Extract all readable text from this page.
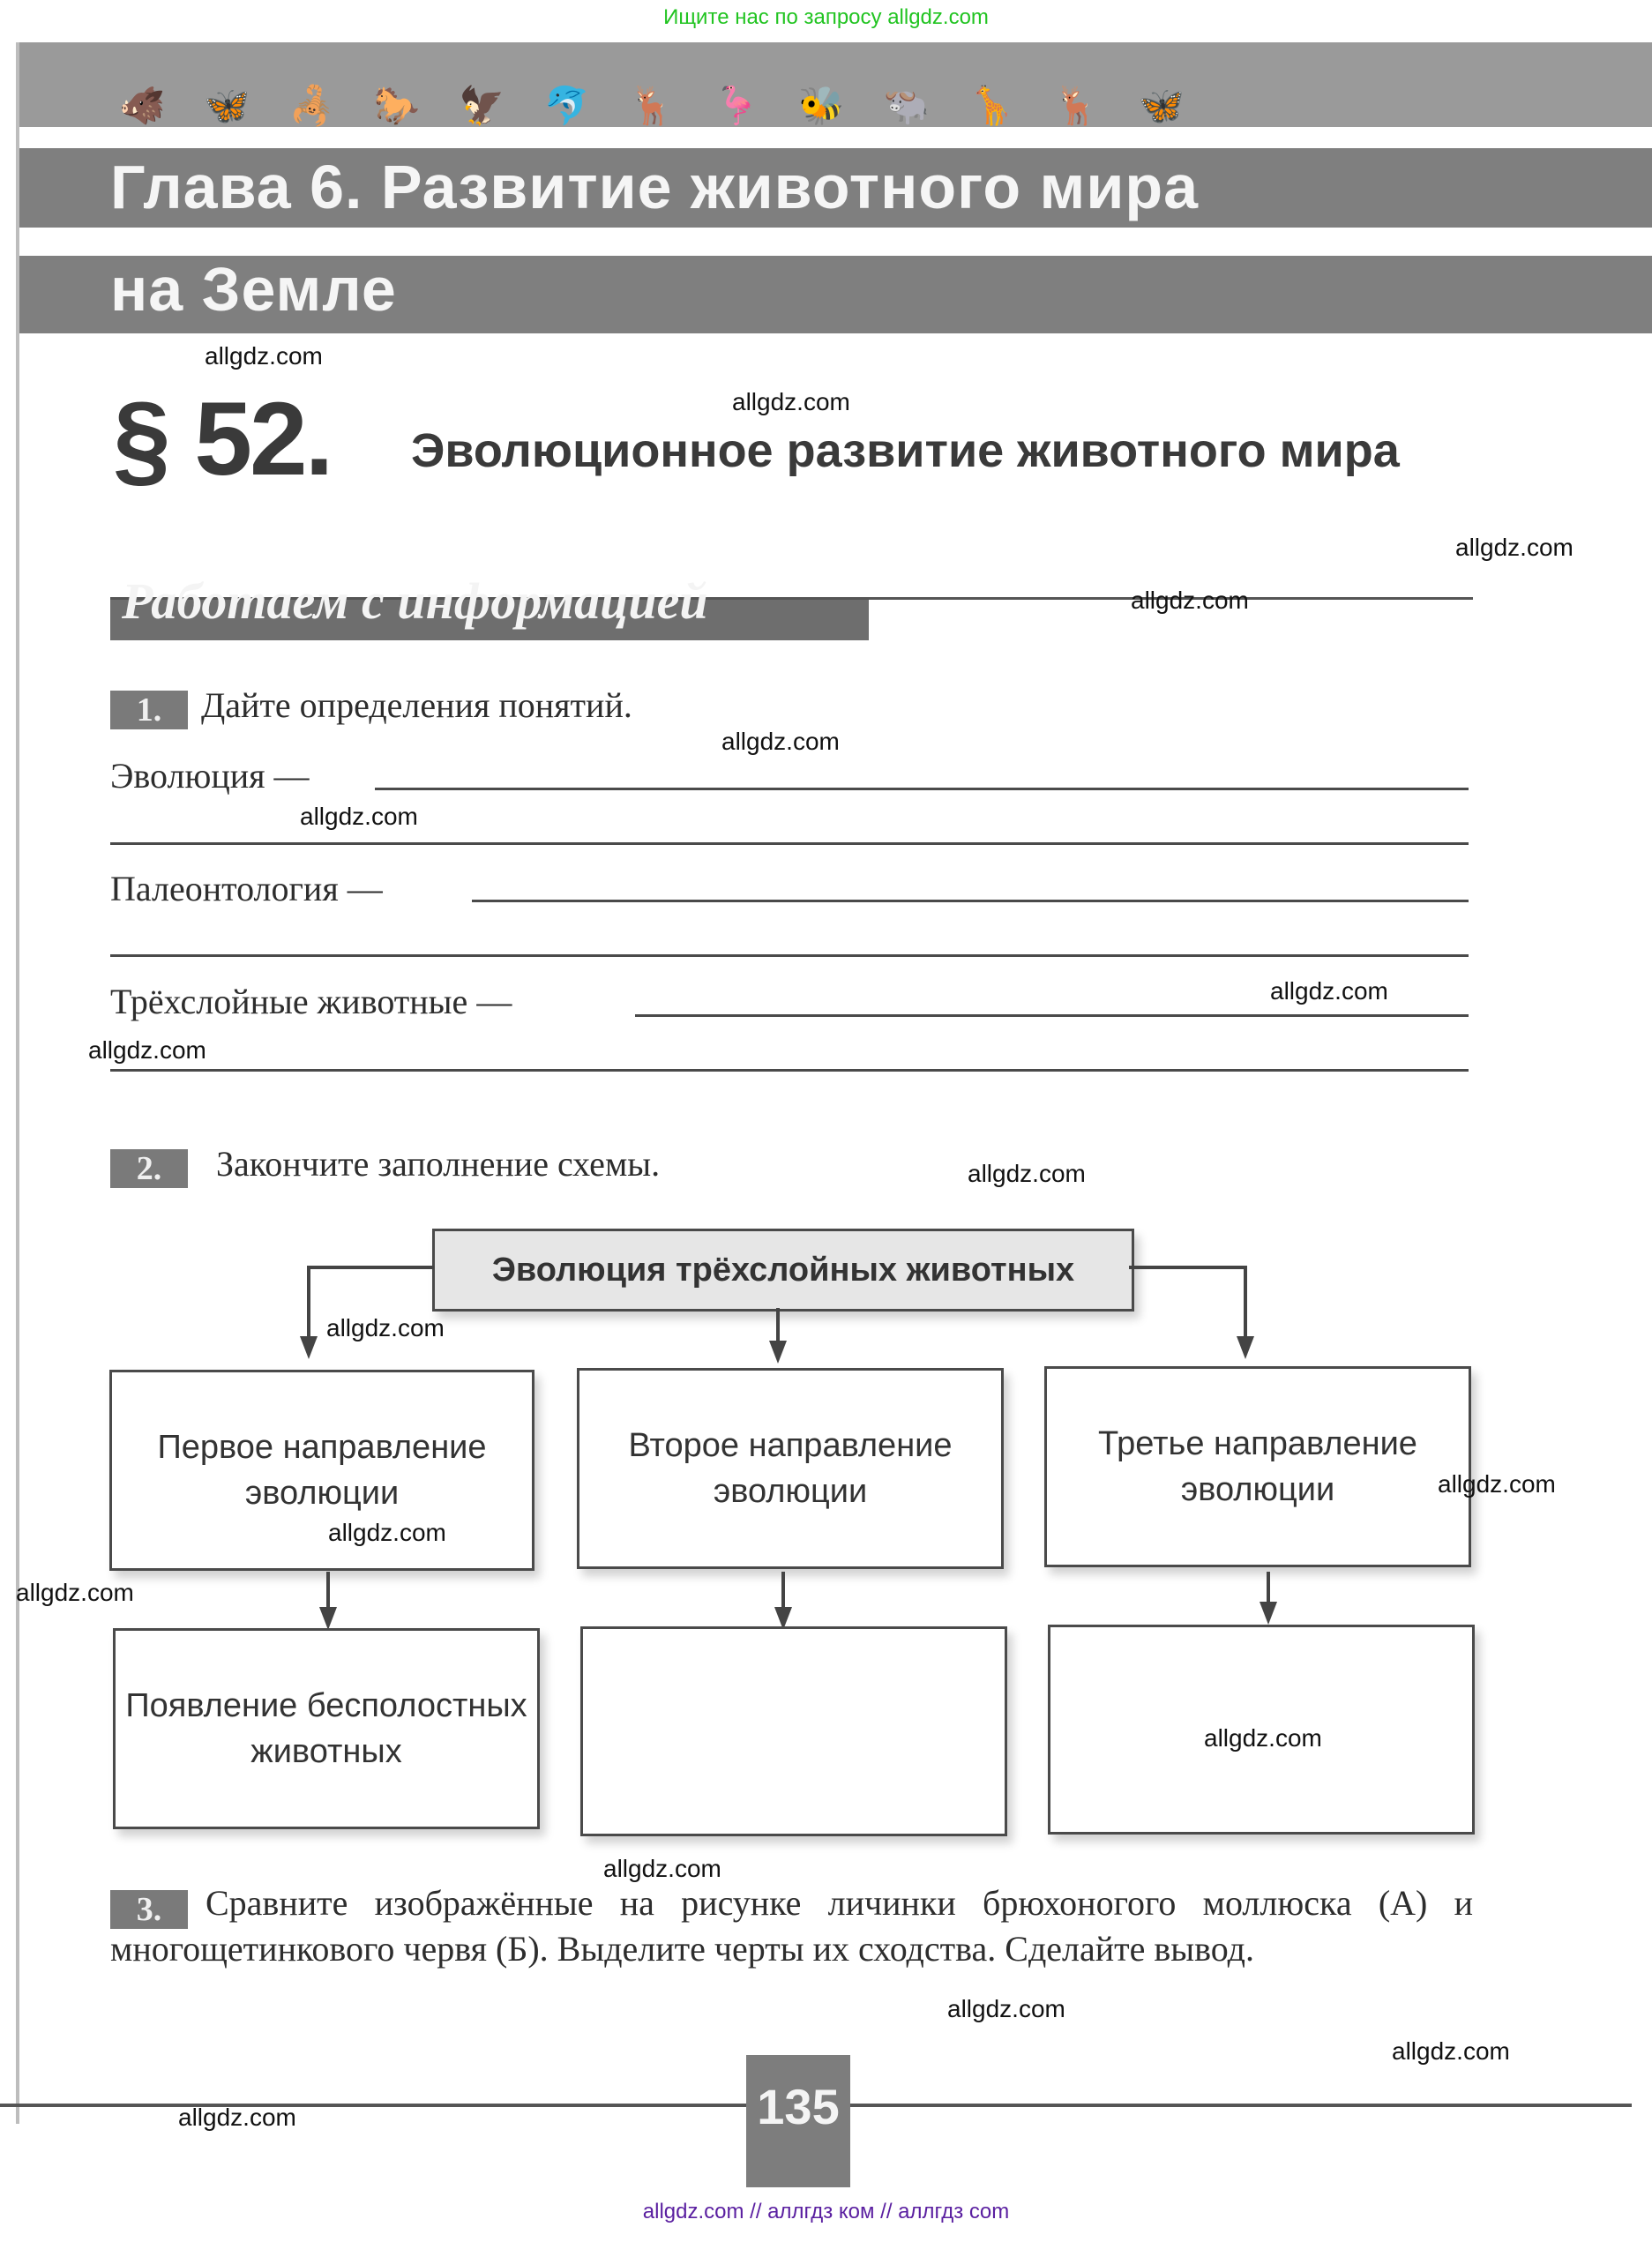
Ищите нас по запросу allgdz.com
🐗 🦋 🦂 🐎 🦅 🐬 🦌 🦩 🐝 🐃 🦒 🦌 🦋
Глава 6. Развитие животного мира
на Земле
§ 52. Эволюционное развитие животного мира
Работаем с информацией
1.	Дайте определения понятий.
Эволюция —
Палеонтология —
Трёхслойные животные —
2.	Закончите заполнение схемы.
Эволюция трёхслойных животных
Первое направление эволюции
Второе направление эволюции
Третье направление эволюции
Появление бесполостных животных
3.	Сравните изображённые на рисунке личинки брюхоногого моллюска (А) и многощетинкового червя (Б). Выделите черты их сходства. Сделайте вывод.
135
allgdz.com
allgdz.com
allgdz.com
allgdz.com
allgdz.com
allgdz.com
allgdz.com
allgdz.com
allgdz.com
allgdz.com
allgdz.com
allgdz.com
allgdz.com
allgdz.com
allgdz.com
allgdz.com
allgdz.com
allgdz.com
allgdz.com // аллгдз ком // аллгдз com
